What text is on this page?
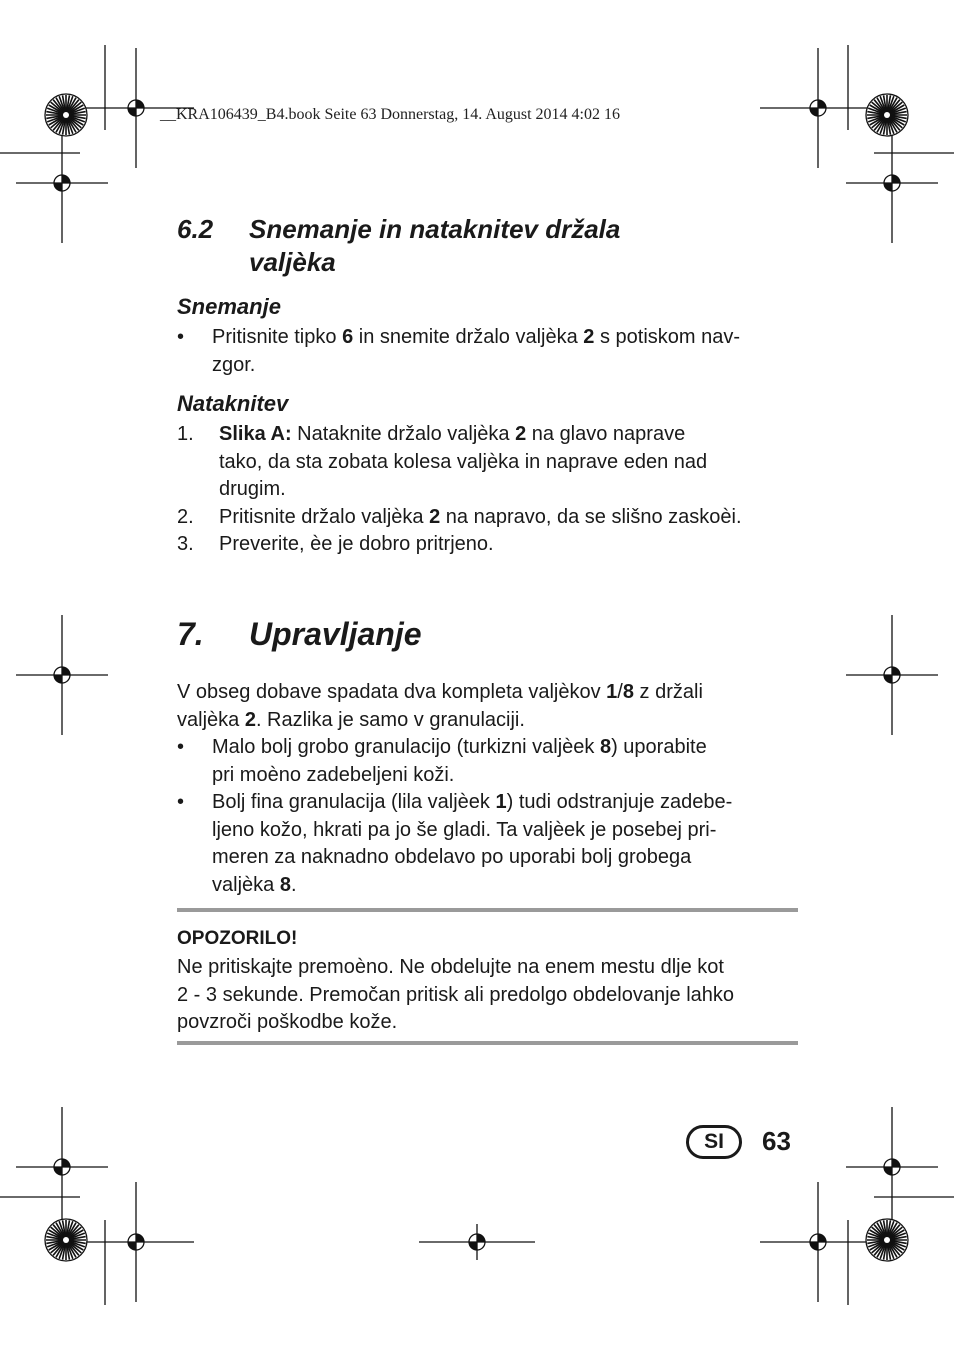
__KRA106439_B4.book Seite 63 Donnerstag, 14. August 2014 4:02 16
6.2 Snemanje in nataknitev držala
valjèka
Snemanje
•	Pritisnite tipko 6 in snemite držalo valjèka 2 s potiskom nav-
zgor.
Nataknitev
1.	Slika A: Nataknite držalo valjèka 2 na glavo naprave
tako, da sta zobata kolesa valjèka in naprave eden nad
drugim.
2.	Pritisnite držalo valjèka 2 na napravo, da se slišno zaskoèi.
3.	Preverite, èe je dobro pritrjeno.
7. Upravljanje
V obseg dobave spadata dva kompleta valjèkov 1/8 z držali
valjèka 2. Razlika je samo v granulaciji.
•	Malo bolj grobo granulacijo (turkizni valjèek 8) uporabite
pri moèno zadebeljeni koži.
•	Bolj fina granulacija (lila valjèek 1) tudi odstranjuje zadebe-
ljeno kožo, hkrati pa jo še gladi. Ta valjèek je posebej pri-
meren za naknadno obdelavo po uporabi bolj grobega
valjèka 8.
OPOZORILO!
Ne pritiskajte premoèno. Ne obdelujte na enem mestu dlje kot
2 - 3 sekunde. Premočan pritisk ali predolgo obdelovanje lahko
povzroči poškodbe kože.
SI	63
